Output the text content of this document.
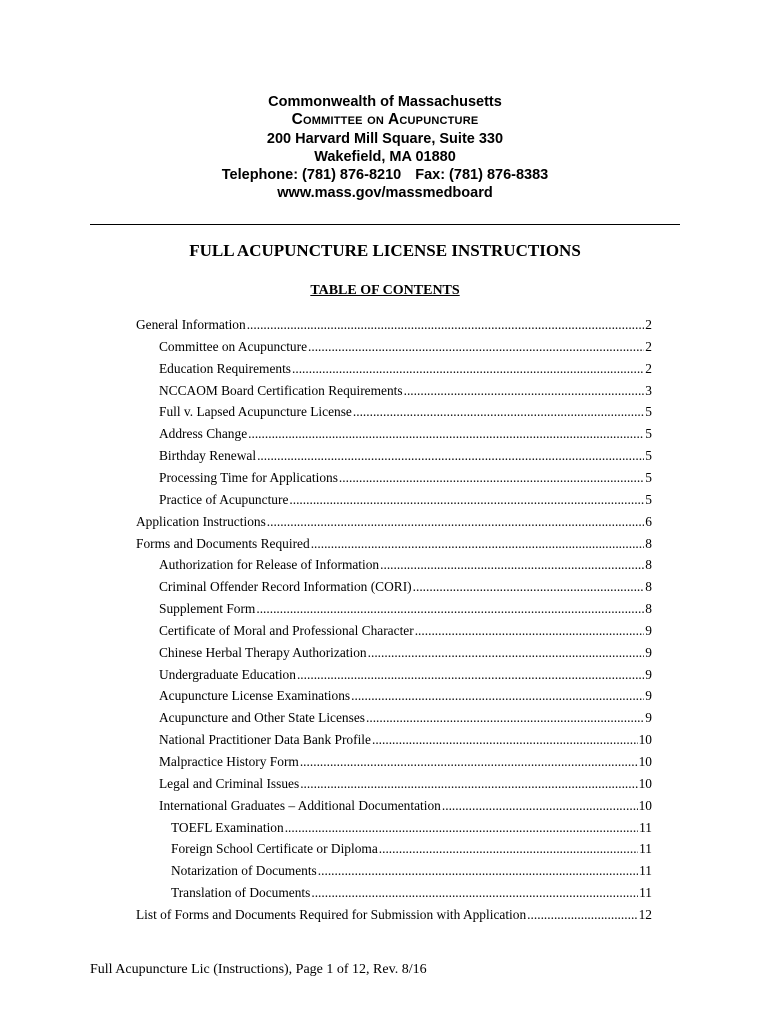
Commonwealth of Massachusetts
Committee on Acupuncture
200 Harvard Mill Square, Suite 330
Wakefield, MA 01880
Telephone: (781) 876-8210 Fax: (781) 876-8383
www.mass.gov/massmedboard
FULL ACUPUNCTURE LICENSE INSTRUCTIONS
TABLE OF CONTENTS
General Information .....	2
Committee on Acupuncture .....	2
Education Requirements .....	2
NCCAOM Board Certification Requirements .....	3
Full v. Lapsed Acupuncture License .....	5
Address Change .....	5
Birthday Renewal .....	5
Processing Time for Applications .....	5
Practice of Acupuncture .....	5
Application Instructions .....	6
Forms and Documents Required .....	8
Authorization for Release of Information .....	8
Criminal Offender Record Information (CORI) .....	8
Supplement Form .....	8
Certificate of Moral and Professional Character .....	9
Chinese Herbal Therapy Authorization .....	9
Undergraduate Education .....	9
Acupuncture License Examinations .....	9
Acupuncture and Other State Licenses .....	9
National Practitioner Data Bank Profile .....	10
Malpractice History Form .....	10
Legal and Criminal Issues .....	10
International Graduates – Additional Documentation .....	10
TOEFL Examination .....	11
Foreign School Certificate or Diploma .....	11
Notarization of Documents .....	11
Translation of Documents .....	11
List of Forms and Documents Required for Submission with Application .....	12
Full Acupuncture Lic (Instructions), Page 1 of 12, Rev. 8/16
